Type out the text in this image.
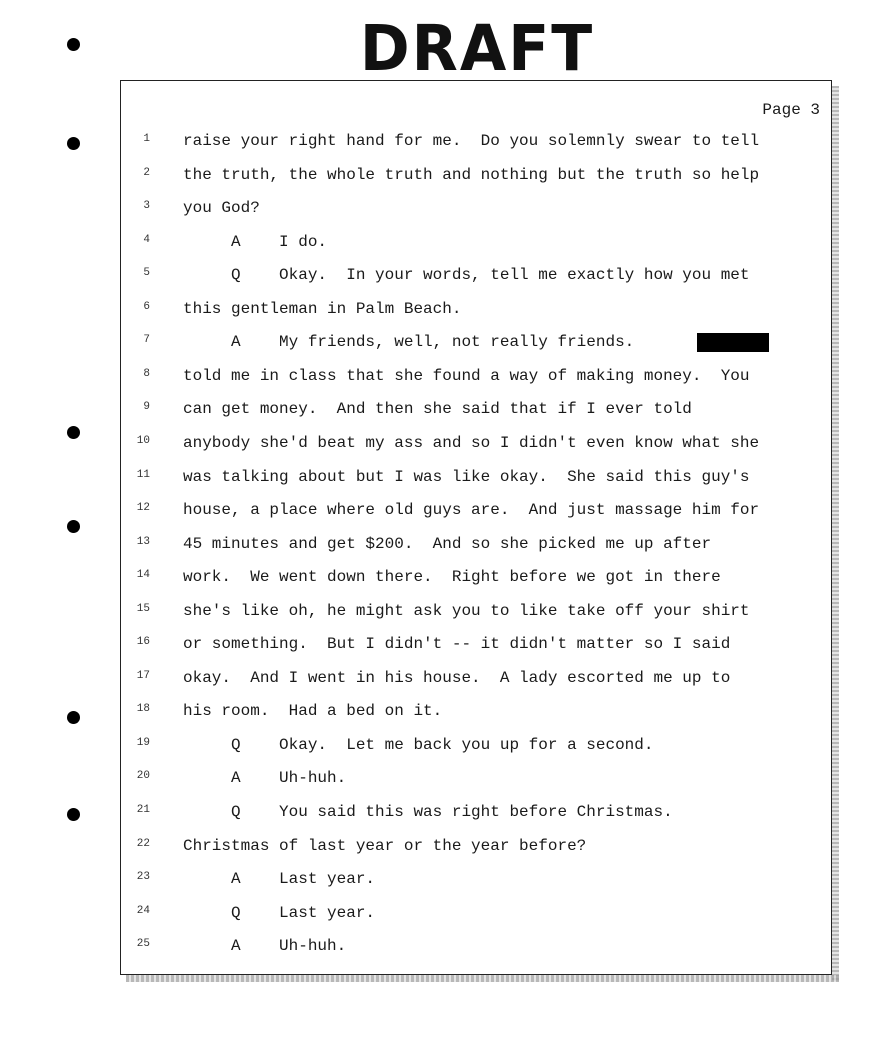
DRAFT
Page 3
1 raise your right hand for me.  Do you solemnly swear to tell
2 the truth, the whole truth and nothing but the truth so help
3 you God?
4 A    I do.
5 Q    Okay.  In your words, tell me exactly how you met
6 this gentleman in Palm Beach.
7 A    My friends, well, not really friends.
8 told me in class that she found a way of making money.  You
9 can get money.  And then she said that if I ever told
10 anybody she'd beat my ass and so I didn't even know what she
11 was talking about but I was like okay.  She said this guy's
12 house, a place where old guys are.  And just massage him for
13 45 minutes and get $200.  And so she picked me up after
14 work.  We went down there.  Right before we got in there
15 she's like oh, he might ask you to like take off your shirt
16 or something.  But I didn't -- it didn't matter so I said
17 okay.  And I went in his house.  A lady escorted me up to
18 his room.  Had a bed on it.
19 Q    Okay.  Let me back you up for a second.
20 A    Uh-huh.
21 Q    You said this was right before Christmas.
22 Christmas of last year or the year before?
23 A    Last year.
24 Q    Last year.
25 A    Uh-huh.
